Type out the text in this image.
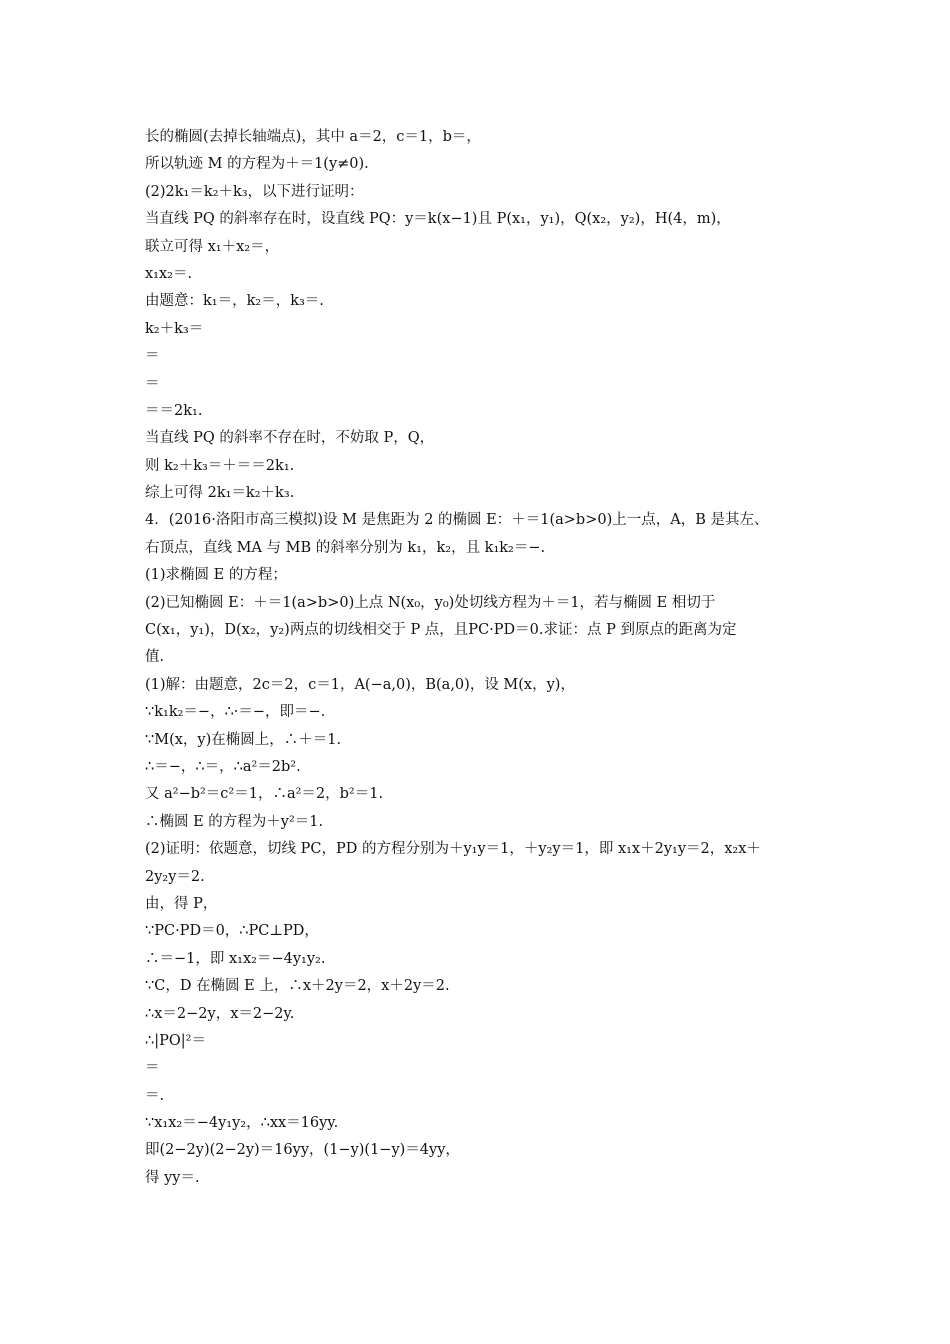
长的椭圆(去掉长轴端点)，其中 a＝2，c＝1，b＝，
所以轨迹 M 的方程为＋＝1(y≠0).
(2)2k₁＝k₂＋k₃，以下进行证明：
当直线 PQ 的斜率存在时，设直线 PQ：y＝k(x−1)且 P(x₁，y₁)，Q(x₂，y₂)，H(4，m)，
联立可得 x₁＋x₂＝，
x₁x₂＝.
由题意：k₁＝，k₂＝，k₃＝.
k₂＋k₃＝
＝
＝
＝＝2k₁.
当直线 PQ 的斜率不存在时，不妨取 P，Q，
则 k₂＋k₃＝＋＝＝2k₁.
综上可得 2k₁＝k₂＋k₃.
4．(2016·洛阳市高三模拟)设 M 是焦距为 2 的椭圆 E：＋＝1(a>b>0)上一点，A，B 是其左、
右顶点，直线 MA 与 MB 的斜率分别为 k₁，k₂，且 k₁k₂＝−.
(1)求椭圆 E 的方程；
(2)已知椭圆 E：＋＝1(a>b>0)上点 N(x₀，y₀)处切线方程为＋＝1，若与椭圆 E 相切于
C(x₁，y₁)，D(x₂，y₂)两点的切线相交于 P 点，且PC·PD＝0.求证：点 P 到原点的距离为定
值.
(1)解：由题意，2c＝2，c＝1，A(−a,0)，B(a,0)，设 M(x，y)，
∵k₁k₂＝−，∴·＝−，即＝−.
∵M(x，y)在椭圆上，∴＋＝1.
∴＝−，∴＝，∴a²＝2b².
又 a²−b²＝c²＝1，∴a²＝2，b²＝1.
∴椭圆 E 的方程为＋y²＝1.
(2)证明：依题意，切线 PC，PD 的方程分别为＋y₁y＝1，＋y₂y＝1，即 x₁x＋2y₁y＝2，x₂x＋
2y₂y＝2.
由，得 P，
∵PC·PD＝0，∴PC⊥PD，
∴＝−1，即 x₁x₂＝−4y₁y₂.
∵C，D 在椭圆 E 上，∴x＋2y＝2，x＋2y＝2.
∴x＝2−2y，x＝2−2y.
∴|PO|²＝
＝
＝.
∵x₁x₂＝−4y₁y₂，∴xx＝16yy.
即(2−2y)(2−2y)＝16yy，(1−y)(1−y)＝4yy，
得 yy＝.
